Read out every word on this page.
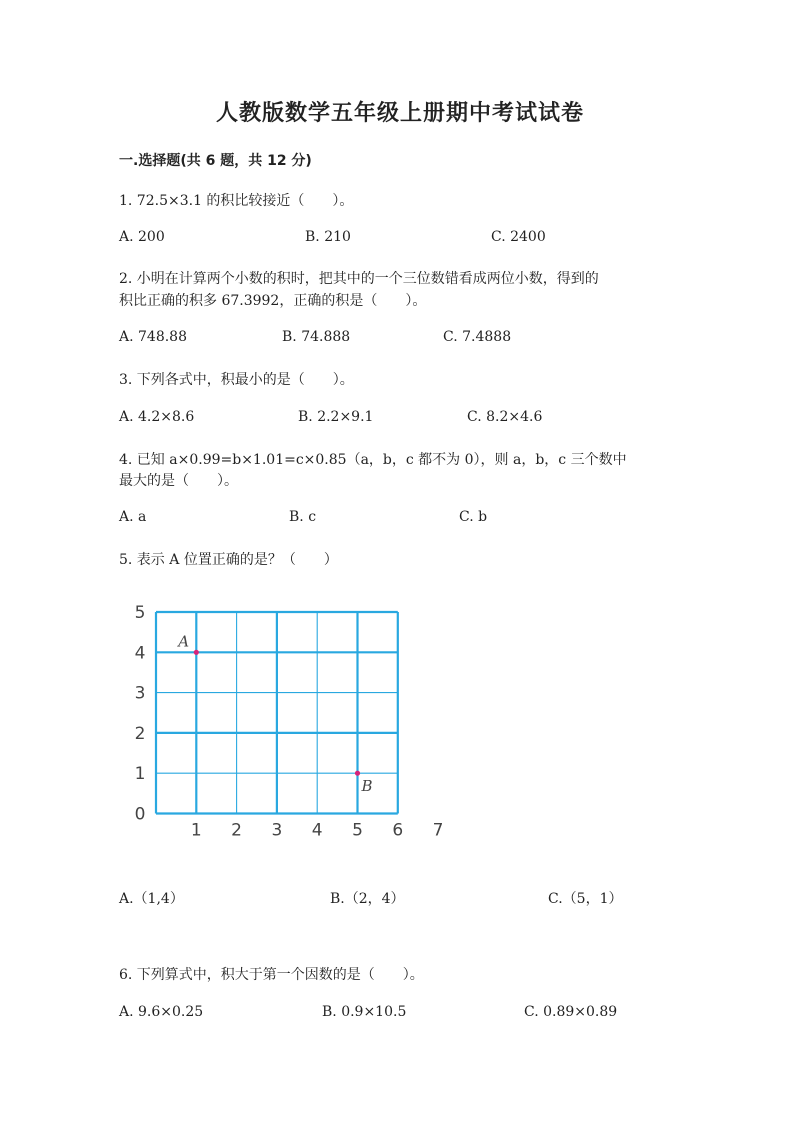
人教版数学五年级上册期中考试试卷
一.选择题(共 6 题，共 12 分)
1. 72.5×3.1 的积比较接近（　　）。
A. 200	B. 210	C. 2400
2. 小明在计算两个小数的积时，把其中的一个三位数错看成两位小数，得到的
积比正确的积多 67.3992，正确的积是（　　）。
A. 748.88	B. 74.888	C. 7.4888
3. 下列各式中，积最小的是（　　）。
A. 4.2×8.6	B. 2.2×9.1	C. 8.2×4.6
4. 已知 a×0.99=b×1.01=c×0.85（a，b，c 都不为 0），则 a，b，c 三个数中
最大的是（　　）。
A. a	B. c	C. b
5. 表示 A 位置正确的是？（　　）
0
1
2
3
4
5
1 2 3 4 5 6 7
A
B
A.（1,4）	B.（2，4）	C.（5，1）
6. 下列算式中，积大于第一个因数的是（　　）。
A. 9.6×0.25	B. 0.9×10.5	C. 0.89×0.89
